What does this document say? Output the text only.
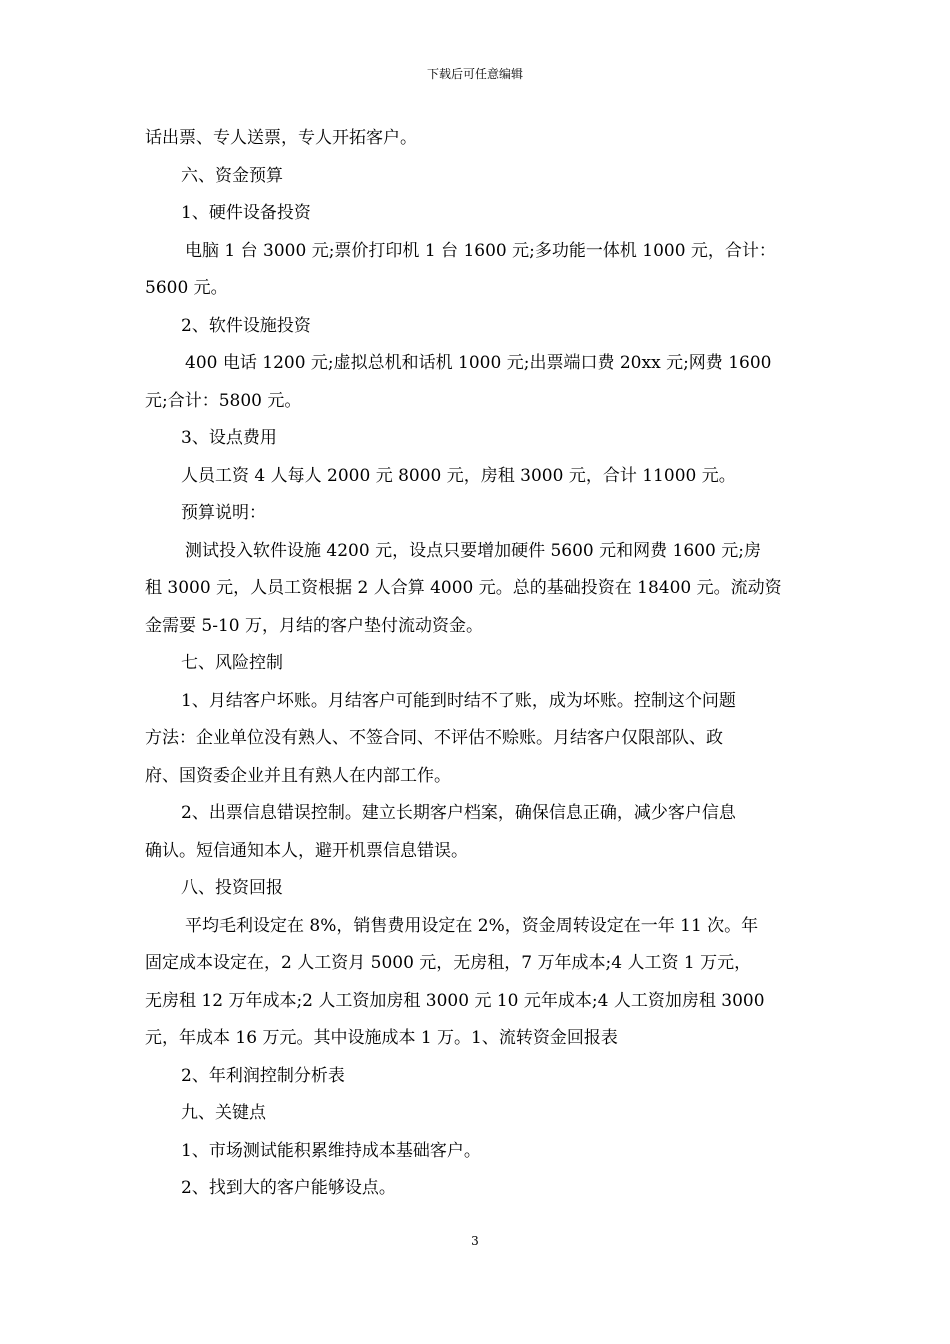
下载后可任意编辑
话出票、专人送票，专人开拓客户。
六、资金预算
1、硬件设备投资
电脑 1 台 3000 元;票价打印机 1 台 1600 元;多功能一体机 1000 元，合计：
5600 元。
2、软件设施投资
400 电话 1200 元;虚拟总机和话机 1000 元;出票端口费 20xx 元;网费 1600
元;合计：5800 元。
3、设点费用
人员工资 4 人每人 2000 元 8000 元，房租 3000 元，合计 11000 元。
预算说明：
测试投入软件设施 4200 元，设点只要增加硬件 5600 元和网费 1600 元;房
租 3000 元，人员工资根据 2 人合算 4000 元。总的基础投资在 18400 元。流动资
金需要 5-10 万，月结的客户垫付流动资金。
七、风险控制
1、月结客户坏账。月结客户可能到时结不了账，成为坏账。控制这个问题
方法：企业单位没有熟人、不签合同、不评估不赊账。月结客户仅限部队、政
府、国资委企业并且有熟人在内部工作。
2、出票信息错误控制。建立长期客户档案，确保信息正确，减少客户信息
确认。短信通知本人，避开机票信息错误。
八、投资回报
平均毛利设定在 8%，销售费用设定在 2%，资金周转设定在一年 11 次。年
固定成本设定在，2 人工资月 5000 元，无房租，7 万年成本;4 人工资 1 万元，
无房租 12 万年成本;2 人工资加房租 3000 元 10 元年成本;4 人工资加房租 3000
元，年成本 16 万元。其中设施成本 1 万。1、流转资金回报表
2、年利润控制分析表
九、关键点
1、市场测试能积累维持成本基础客户。
2、找到大的客户能够设点。
3
